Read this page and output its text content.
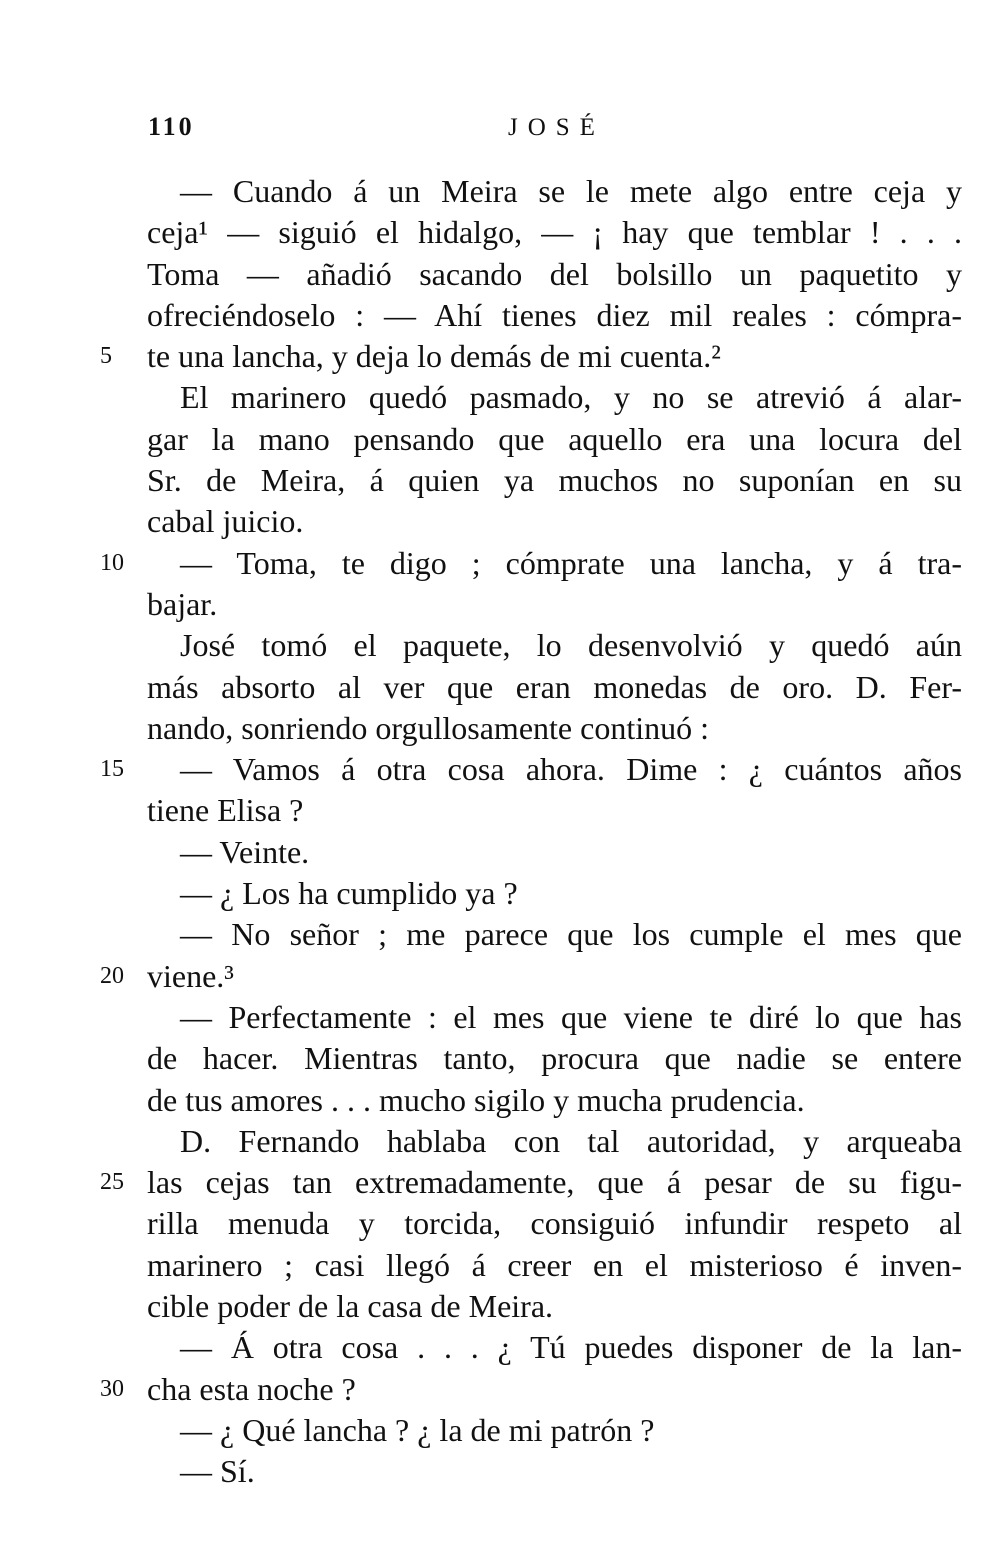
110	JOSÉ
— Cuando á un Meira se le mete algo entre ceja y
ceja¹ — siguió el hidalgo, — ¡ hay que temblar ! . . .
Toma — añadió sacando del bolsillo un paquetito y
ofreciéndoselo : — Ahí tienes diez mil reales : cómpra-
5	te una lancha, y deja lo demás de mi cuenta.²
El marinero quedó pasmado, y no se atrevió á alar-
gar la mano pensando que aquello era una locura del
Sr. de Meira, á quien ya muchos no suponían en su
cabal juicio.
10	— Toma, te digo ; cómprate una lancha, y á tra-
bajar.
José tomó el paquete, lo desenvolvió y quedó aún
más absorto al ver que eran monedas de oro. D. Fer-
nando, sonriendo orgullosamente continuó :
15	— Vamos á otra cosa ahora. Dime : ¿ cuántos años
tiene Elisa ?
— Veinte.
— ¿ Los ha cumplido ya ?
— No señor ; me parece que los cumple el mes que
20 viene.³
— Perfectamente : el mes que viene te diré lo que has
de hacer. Mientras tanto, procura que nadie se entere
de tus amores . . . mucho sigilo y mucha prudencia.
D. Fernando hablaba con tal autoridad, y arqueaba
25 las cejas tan extremadamente, que á pesar de su figu-
rilla menuda y torcida, consiguió infundir respeto al
marinero ; casi llegó á creer en el misterioso é inven-
cible poder de la casa de Meira.
— Á otra cosa . . . ¿ Tú puedes disponer de la lan-
30 cha esta noche ?
— ¿ Qué lancha ? ¿ la de mi patrón ?
— Sí.
